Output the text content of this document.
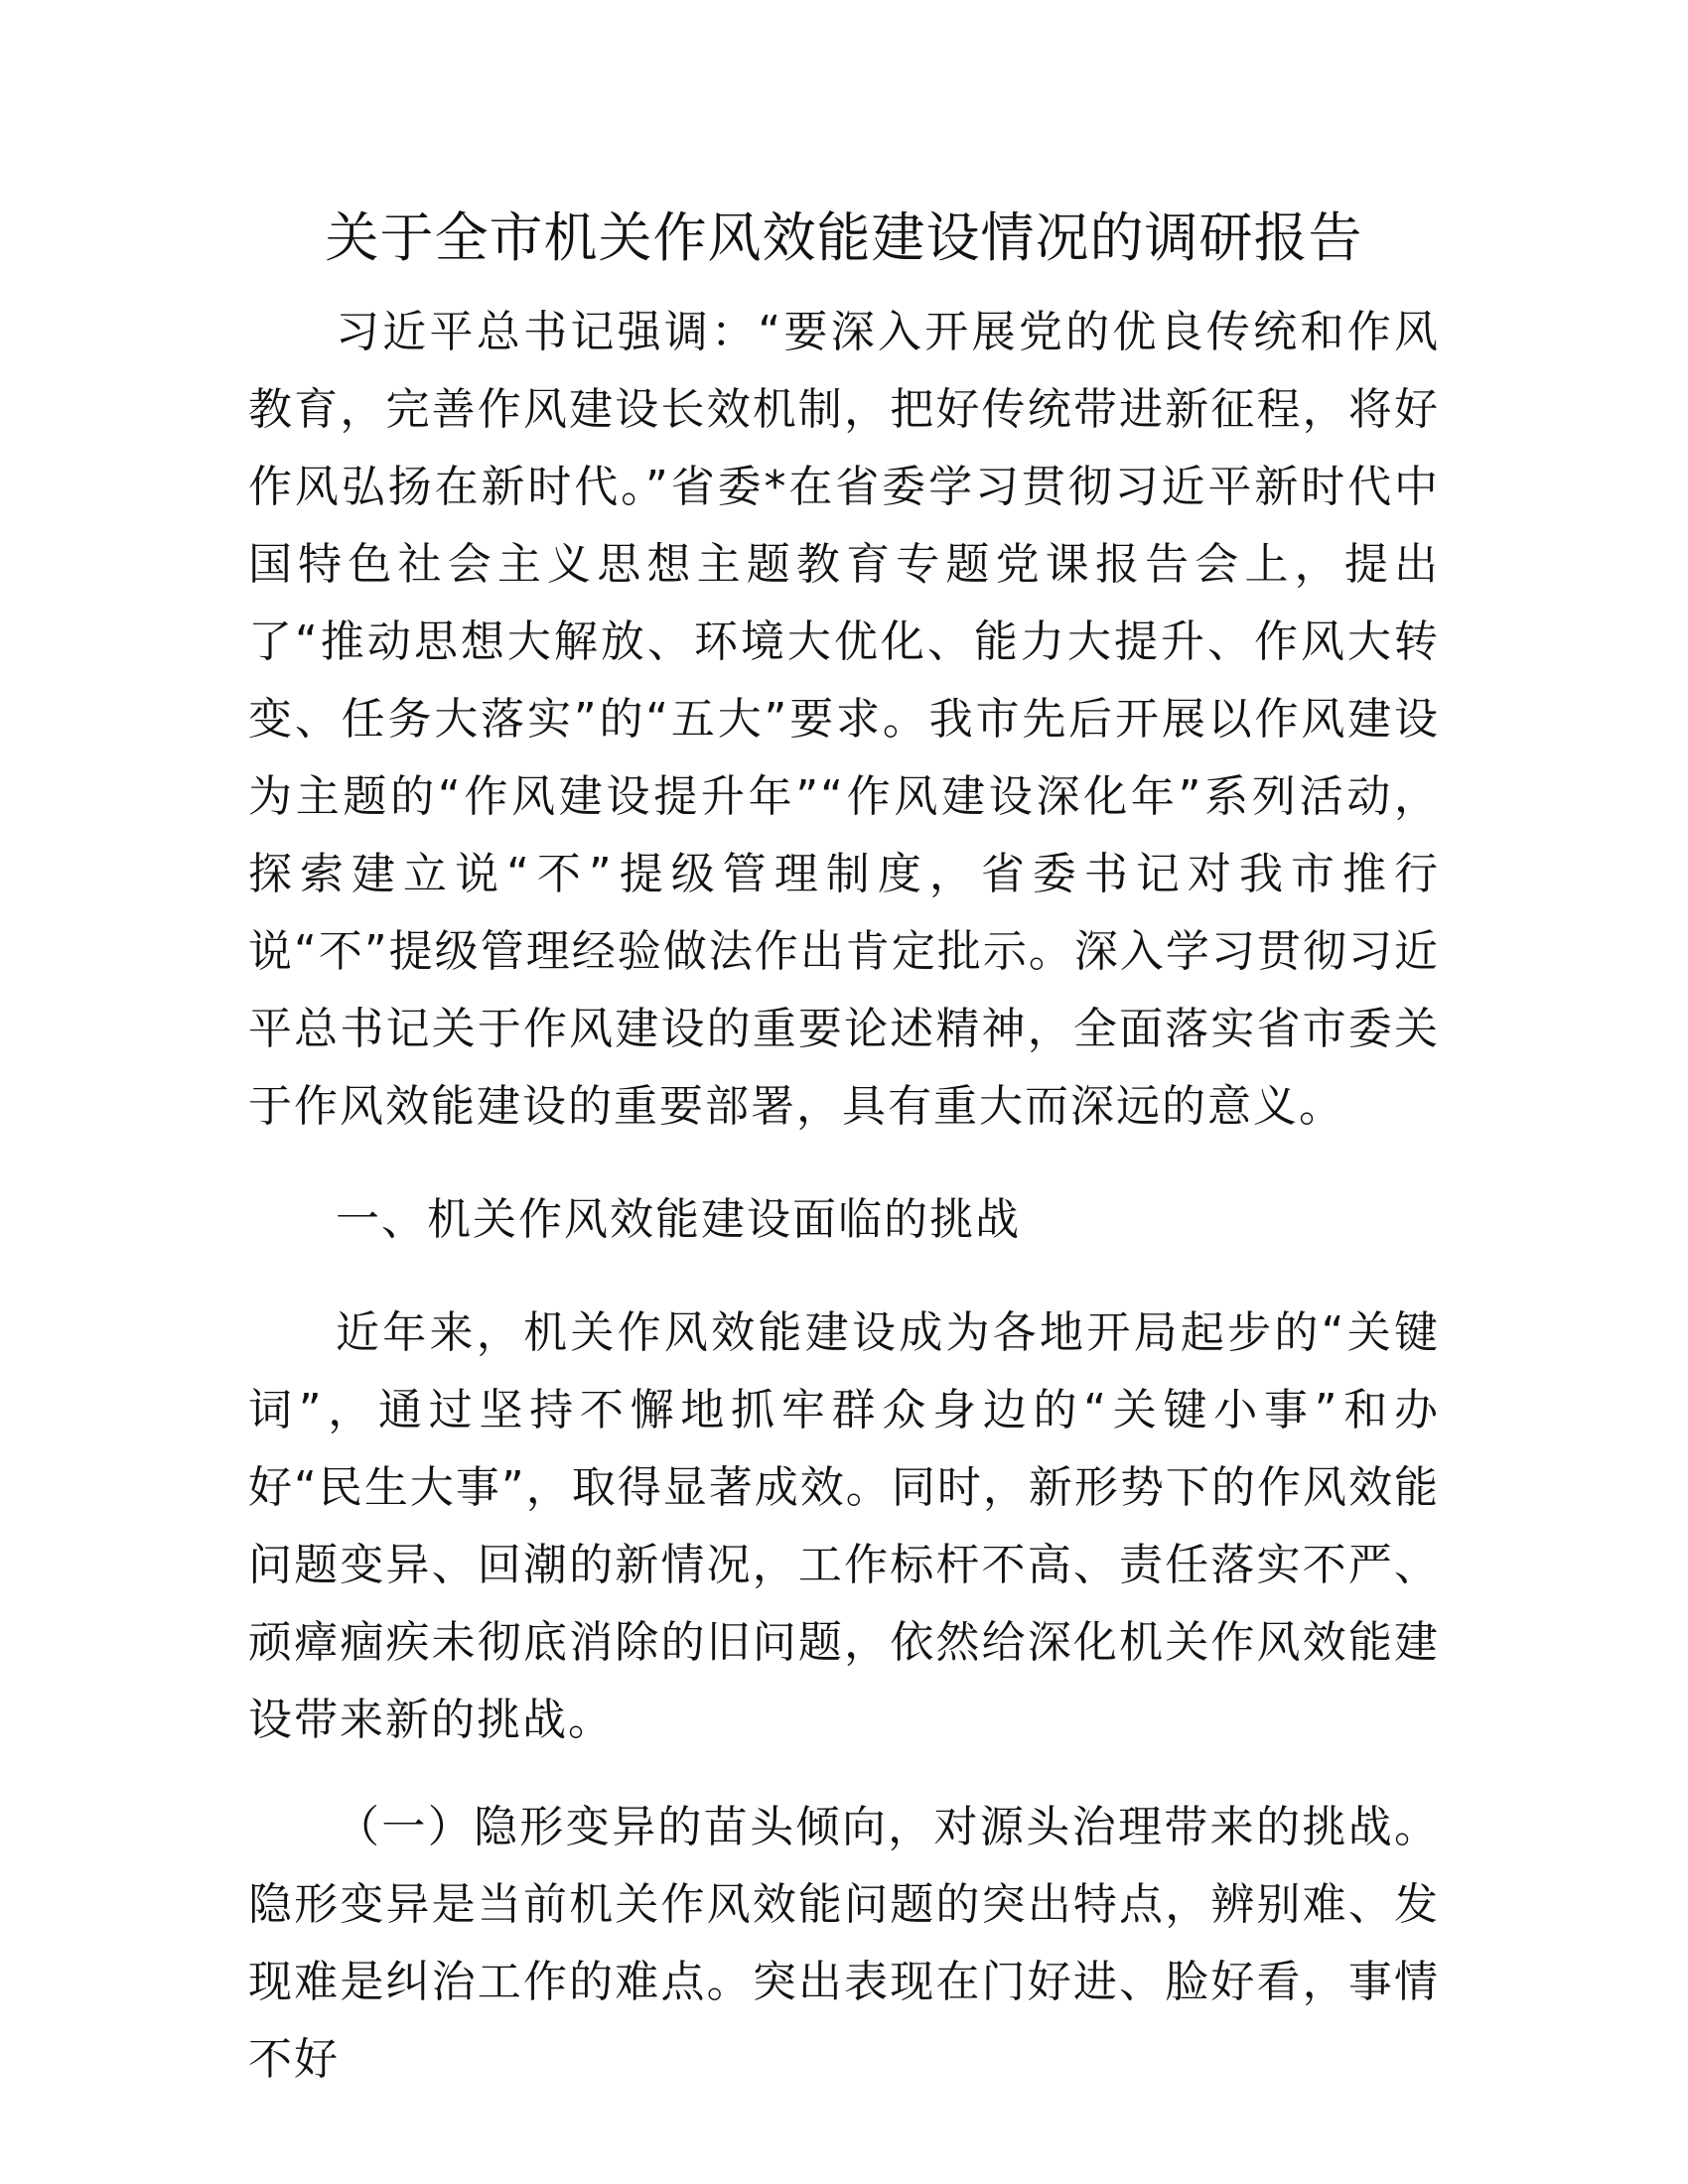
关于全市机关作风效能建设情况的调研报告

习近平总书记强调：“要深入开展党的优良传统和作风教育，完善作风建设长效机制，把好传统带进新征程，将好作风弘扬在新时代。”省委*在省委学习贯彻习近平新时代中国特色社会主义思想主题教育专题党课报告会上，提出了“推动思想大解放、环境大优化、能力大提升、作风大转变、任务大落实”的“五大”要求。我市先后开展以作风建设为主题的“作风建设提升年”“作风建设深化年”系列活动，探索建立说“不”提级管理制度，省委书记对我市推行说“不”提级管理经验做法作出肯定批示。深入学习贯彻习近平总书记关于作风建设的重要论述精神，全面落实省市委关于作风效能建设的重要部署，具有重大而深远的意义。

一、机关作风效能建设面临的挑战

近年来，机关作风效能建设成为各地开局起步的“关键词”，通过坚持不懈地抓牢群众身边的“关键小事”和办好“民生大事”，取得显著成效。同时，新形势下的作风效能问题变异、回潮的新情况，工作标杆不高、责任落实不严、顽瘴痼疾未彻底消除的旧问题，依然给深化机关作风效能建设带来新的挑战。

（一）隐形变异的苗头倾向，对源头治理带来的挑战。隐形变异是当前机关作风效能问题的突出特点，辨别难、发现难是纠治工作的难点。突出表现在门好进、脸好看，事情不好
